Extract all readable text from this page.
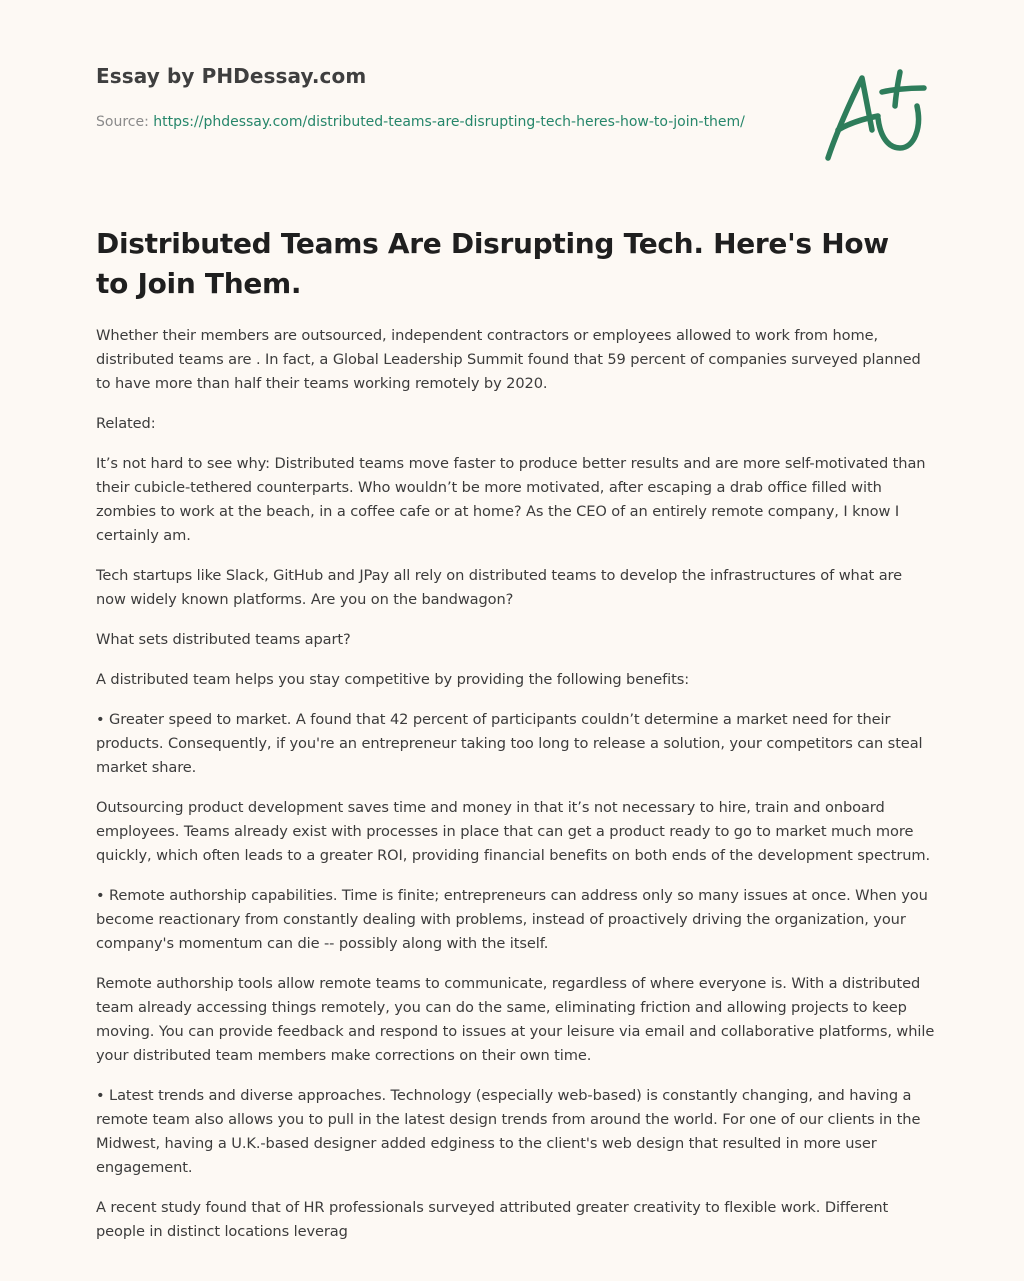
Essay by PHDessay.com
Source: https://phdessay.com/distributed-teams-are-disrupting-tech-heres-how-to-join-them/
Distributed Teams Are Disrupting Tech. Here's How to Join Them.

Whether their members are outsourced, independent contractors or employees allowed to work from home, distributed teams are . In fact, a Global Leadership Summit found that 59 percent of companies surveyed planned to have more than half their teams working remotely by 2020.

Related:

It’s not hard to see why: Distributed teams move faster to produce better results and are more self-motivated than their cubicle-tethered counterparts. Who wouldn’t be more motivated, after escaping a drab office filled with zombies to work at the beach, in a coffee cafe or at home? As the CEO of an entirely remote company, I know I certainly am.

Tech startups like Slack, GitHub and JPay all rely on distributed teams to develop the infrastructures of what are now widely known platforms. Are you on the bandwagon?

What sets distributed teams apart?

A distributed team helps you stay competitive by providing the following benefits:

• Greater speed to market. A found that 42 percent of participants couldn’t determine a market need for their products. Consequently, if you're an entrepreneur taking too long to release a solution, your competitors can steal market share.

Outsourcing product development saves time and money in that it’s not necessary to hire, train and onboard employees. Teams already exist with processes in place that can get a product ready to go to market much more quickly, which often leads to a greater ROI, providing financial benefits on both ends of the development spectrum.

• Remote authorship capabilities. Time is finite; entrepreneurs can address only so many issues at once. When you become reactionary from constantly dealing with problems, instead of proactively driving the organization, your company's momentum can die -- possibly along with the itself.

Remote authorship tools allow remote teams to communicate, regardless of where everyone is. With a distributed team already accessing things remotely, you can do the same, eliminating friction and allowing projects to keep moving. You can provide feedback and respond to issues at your leisure via email and collaborative platforms, while your distributed team members make corrections on their own time.

• Latest trends and diverse approaches. Technology (especially web-based) is constantly changing, and having a remote team also allows you to pull in the latest design trends from around the world. For one of our clients in the Midwest, having a U.K.-based designer added edginess to the client's web design that resulted in more user engagement.

A recent study found that of HR professionals surveyed attributed greater creativity to flexible work. Different people in distinct locations leverag
